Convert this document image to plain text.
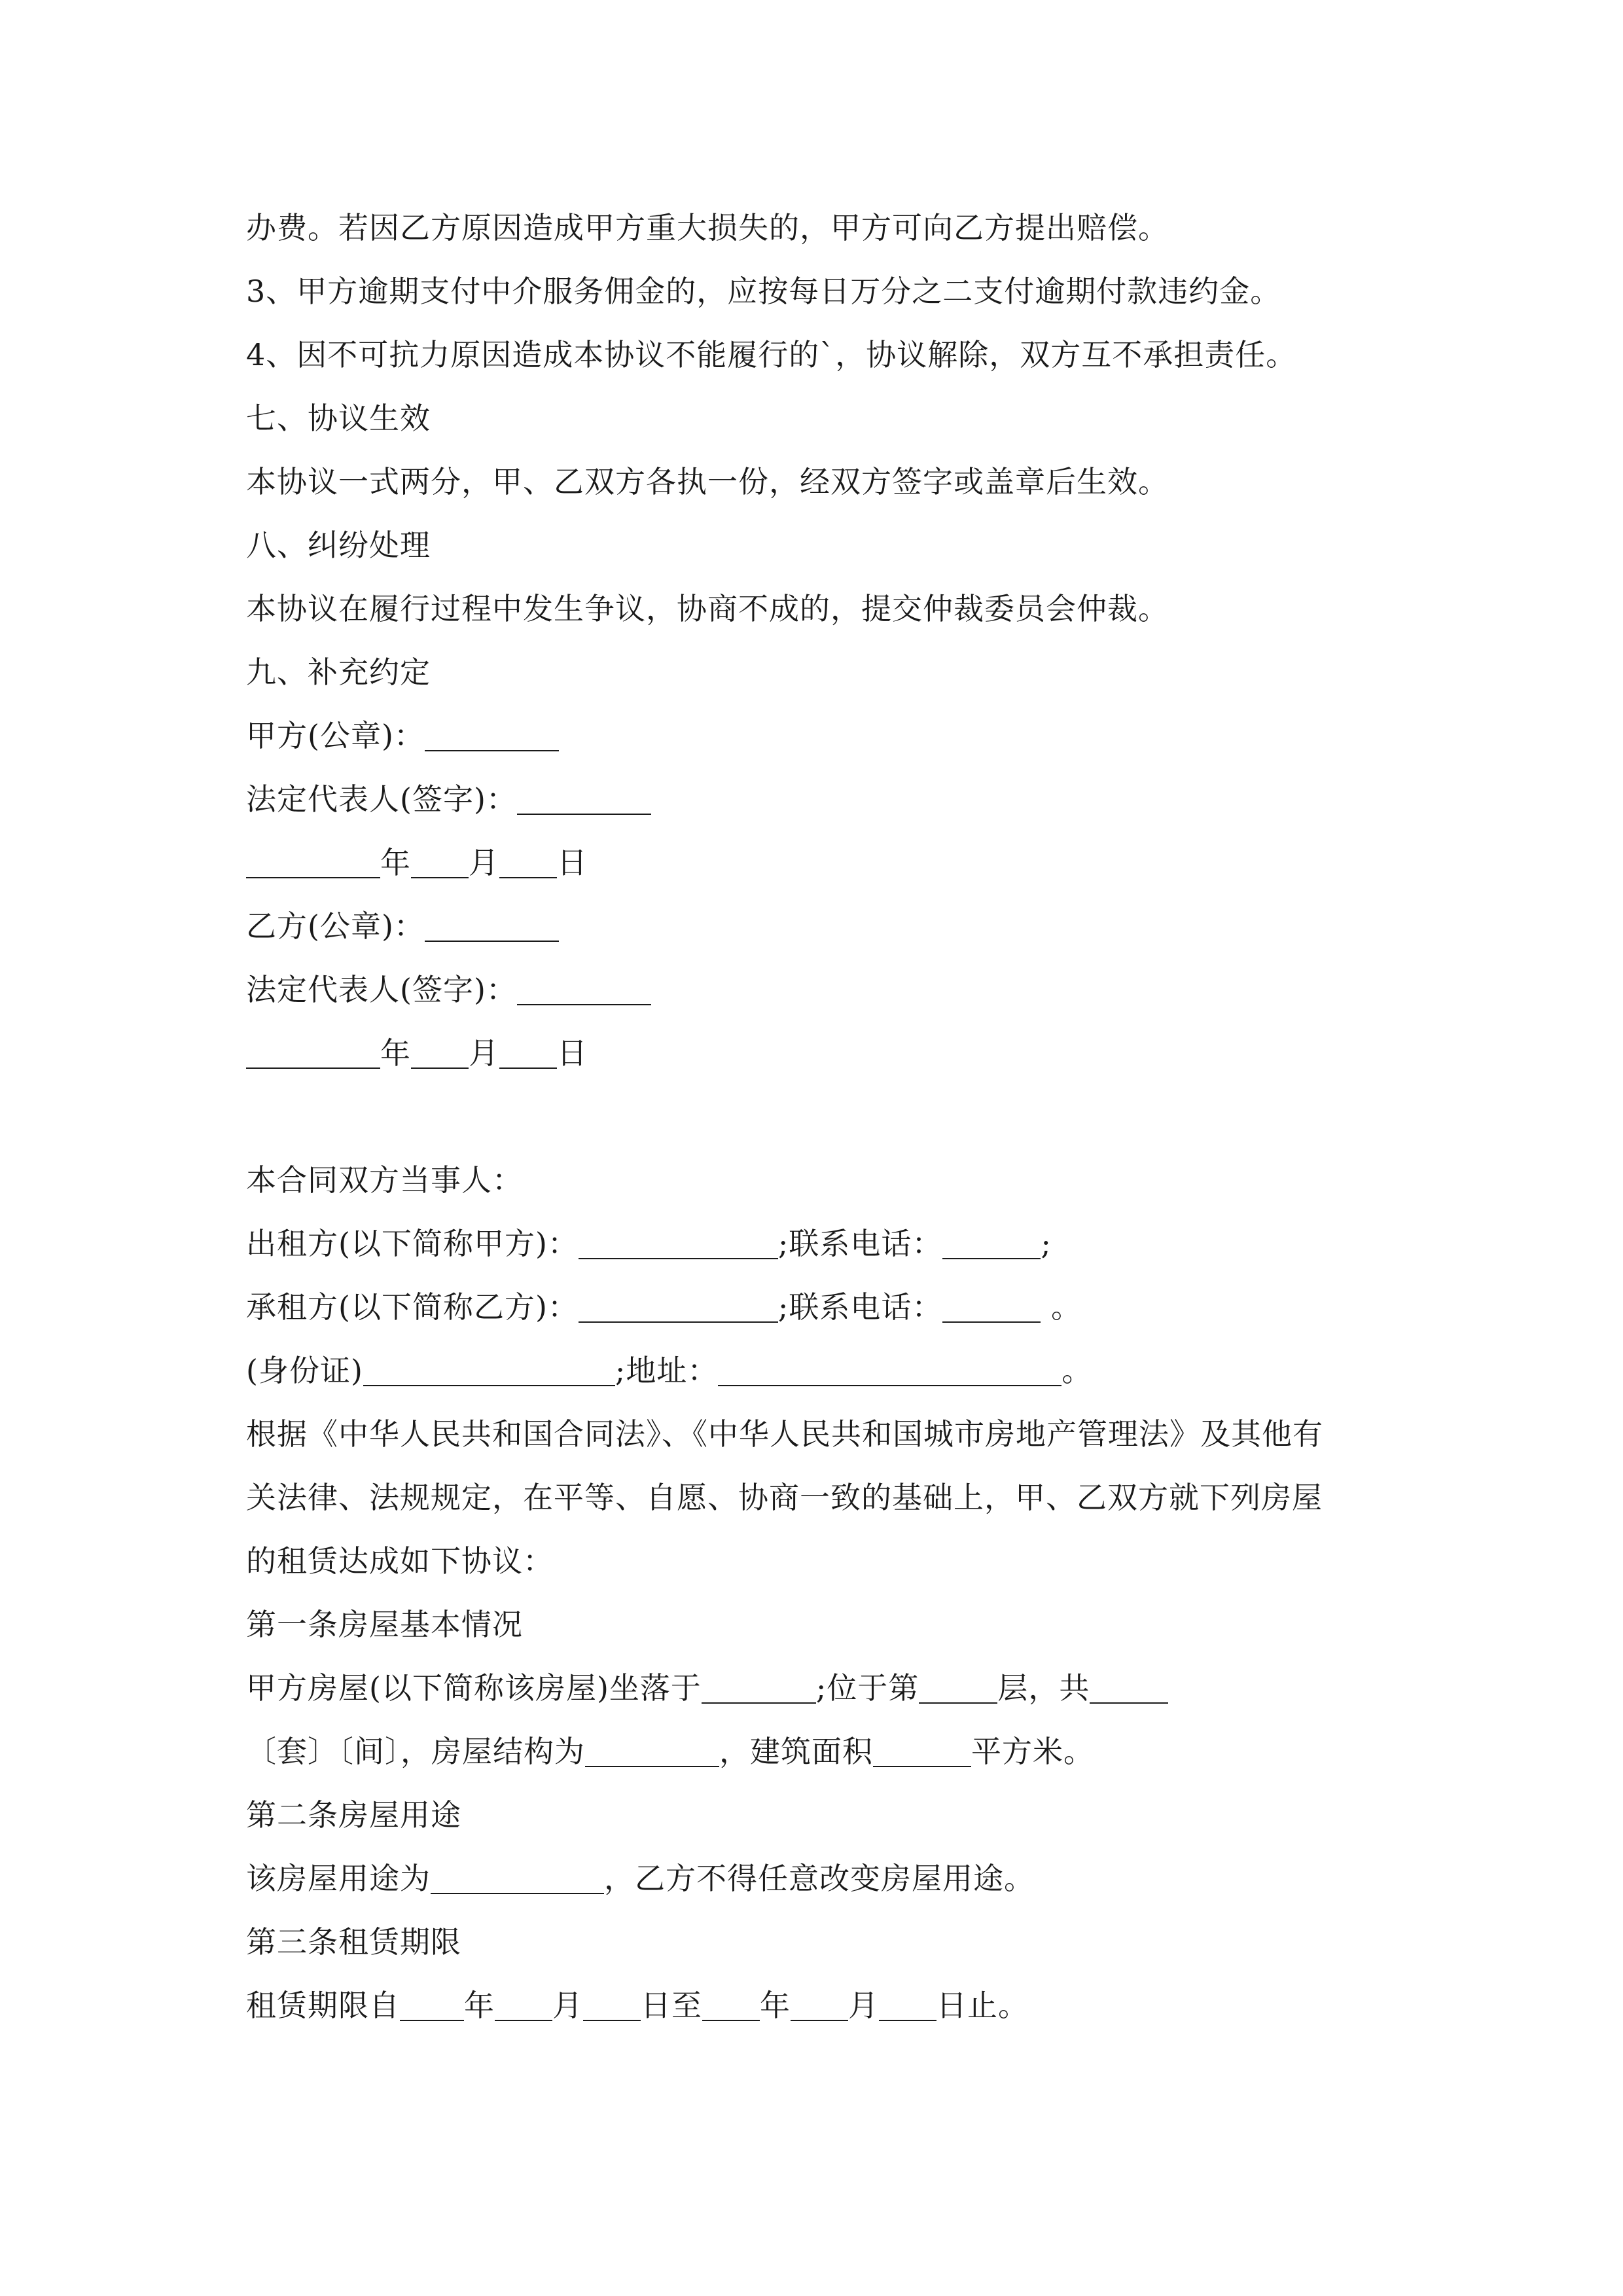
办费。若因乙方原因造成甲方重大损失的，甲方可向乙方提出赔偿。
3、甲方逾期支付中介服务佣金的，应按每日万分之二支付逾期付款违约金。
4、因不可抗力原因造成本协议不能履行的`，协议解除，双方互不承担责任。
七、协议生效
本协议一式两分，甲、乙双方各执一份，经双方签字或盖章后生效。
八、纠纷处理
本协议在履行过程中发生争议，协商不成的，提交仲裁委员会仲裁。
九、补充约定
甲方(公章)：
法定代表人(签字)：
年 月 日
乙方(公章)：
法定代表人(签字)：
年 月 日
本合同双方当事人：
出租方(以下简称甲方)：	;联系电话：	;
承租方(以下简称乙方)：	;联系电话：	。
(身份证)	;地址：	。
根据《中华人民共和国合同法》、《中华人民共和国城市房地产管理法》及其他有
关法律、法规规定，在平等、自愿、协商一致的基础上，甲、乙双方就下列房屋
的租赁达成如下协议：
第一条房屋基本情况
甲方房屋(以下简称该房屋)坐落于	;位于第	层，共
〔套〕〔间〕，房屋结构为	，建筑面积	平方米。
第二条房屋用途
该房屋用途为	，乙方不得任意改变房屋用途。
第三条租赁期限
租赁期限自 年 月 日至 年 月 日止。
